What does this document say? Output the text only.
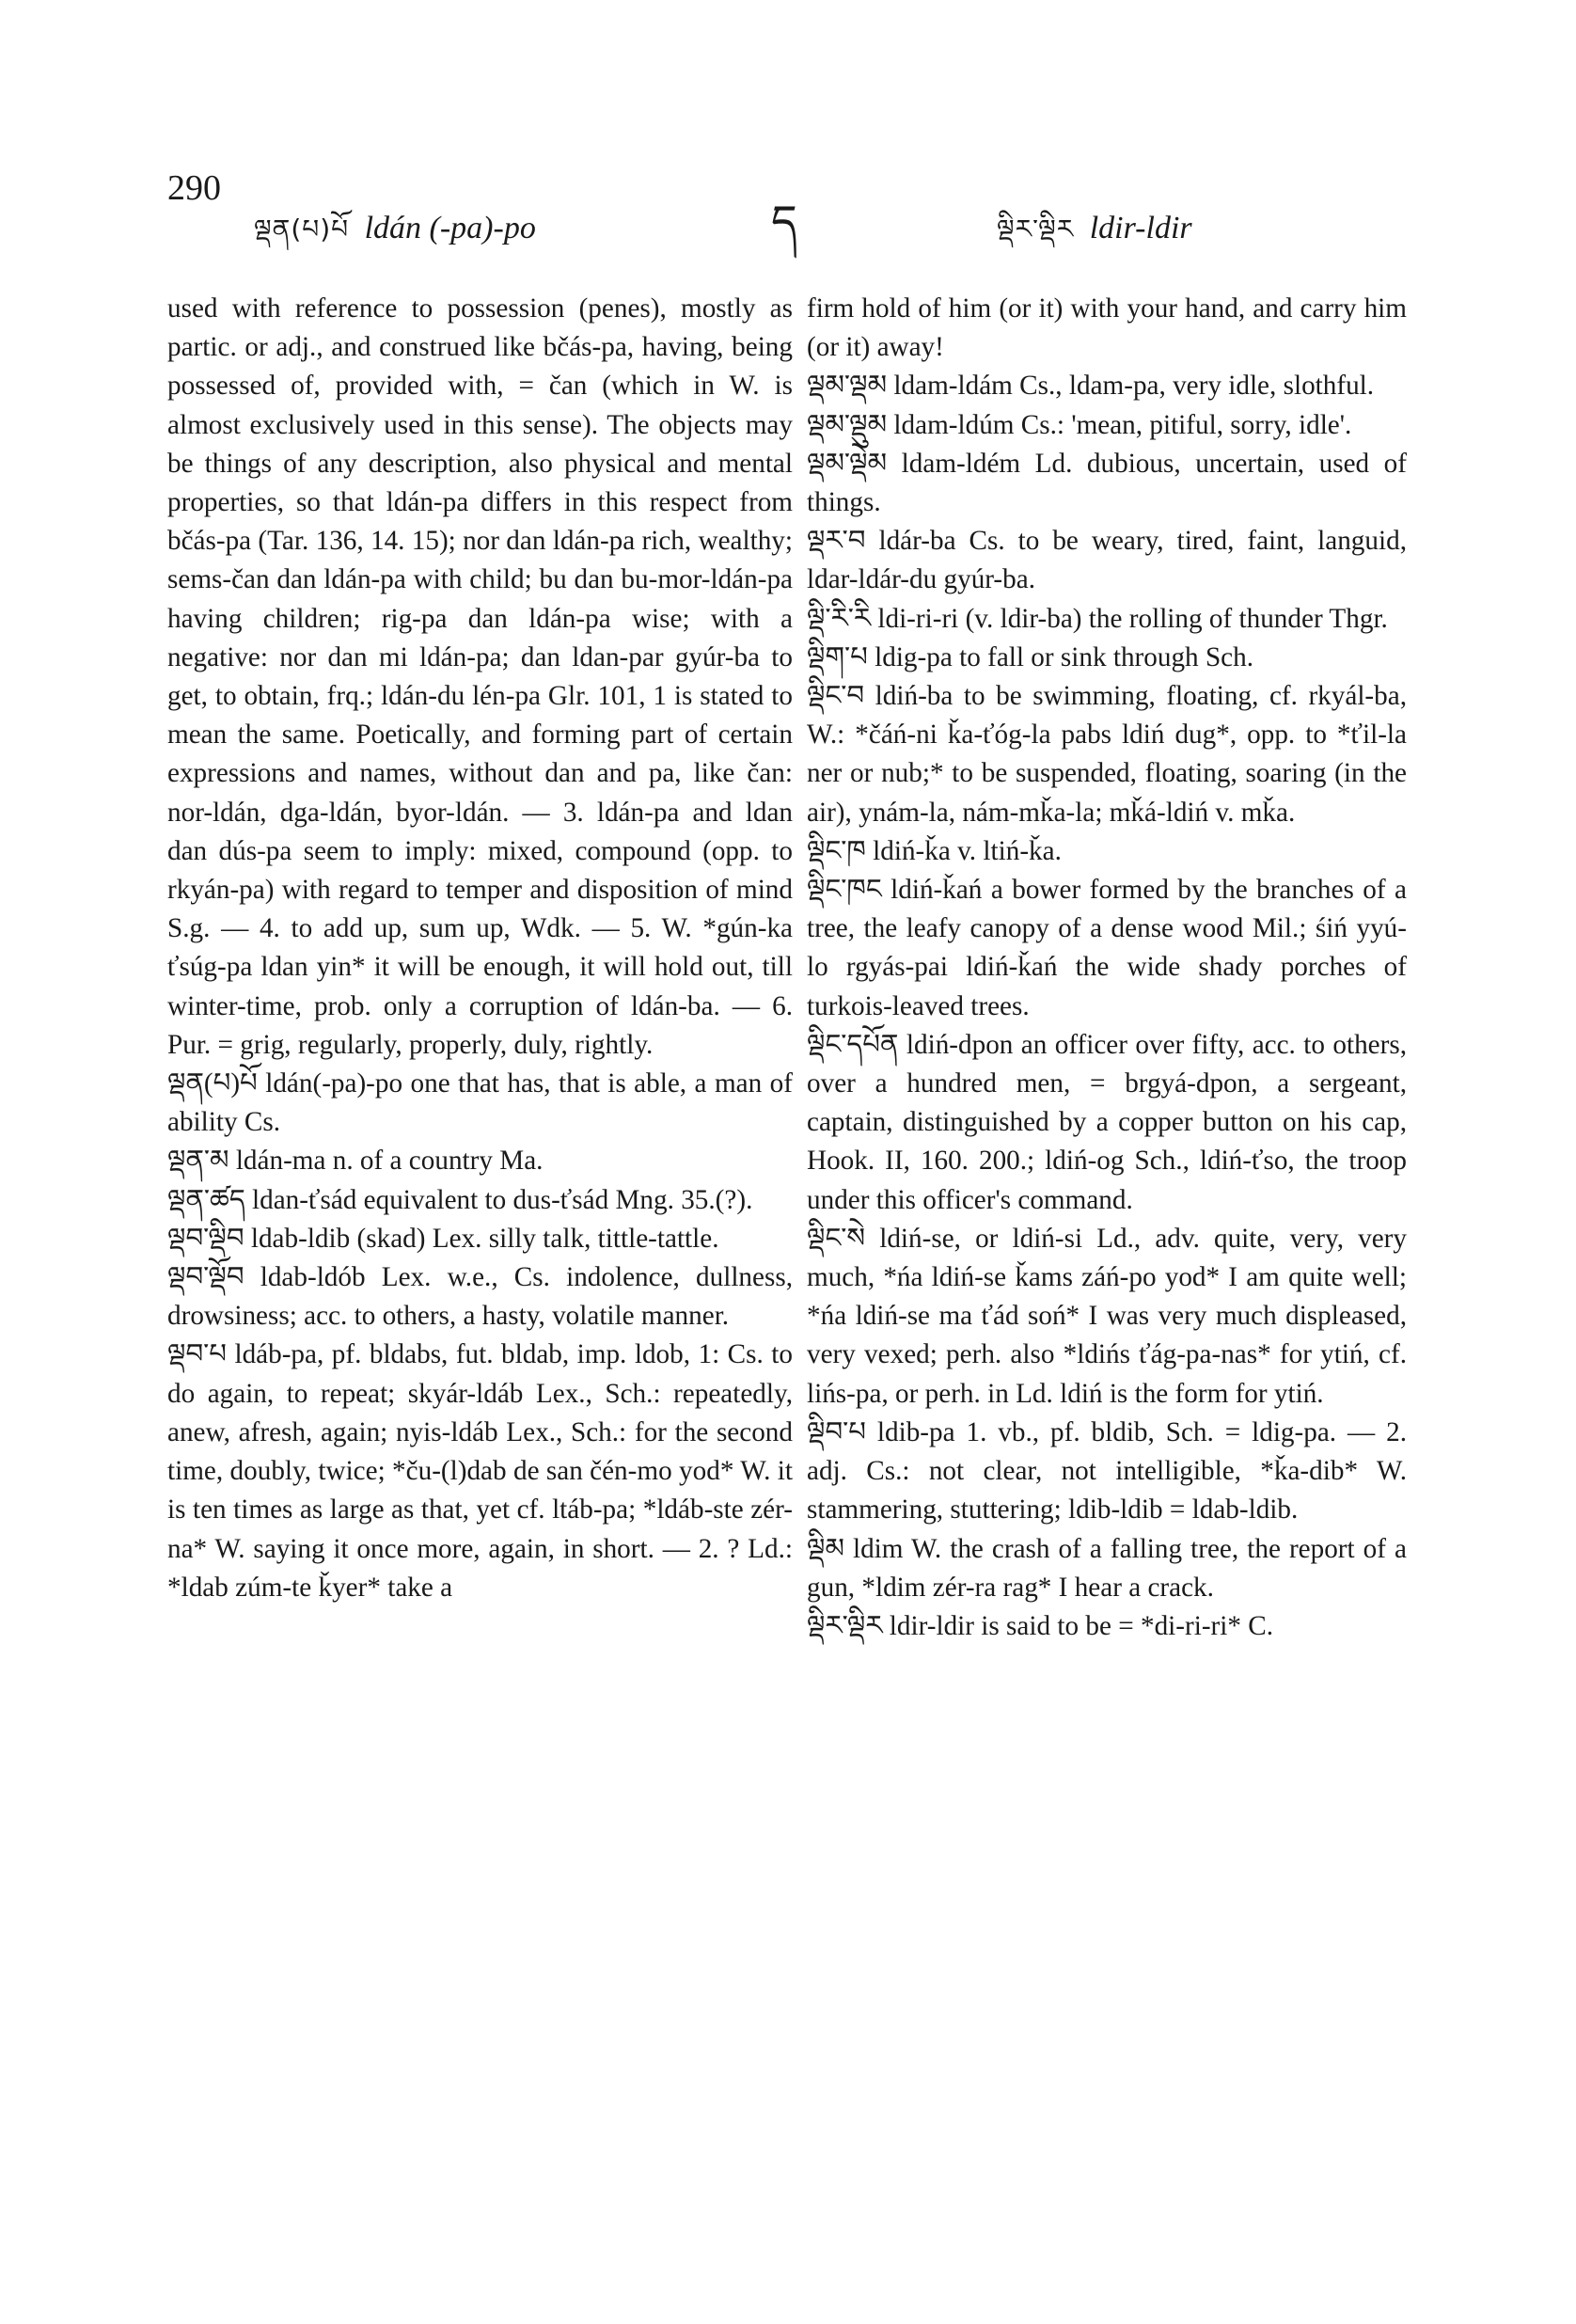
290
ལྡན(པ)པོ ldán (-pa)-po	ད	ལྡིར་ལྡིར ldir-ldir

used with reference to possession (penes), mostly as partic. or adj., and construed like bčás-pa, having, being possessed of, provided with, = čan (which in W. is almost exclusively used in this sense). The objects may be things of any description, also physical and mental properties, so that ldán-pa differs in this respect from bčás-pa (Tar. 136, 14. 15); nor dan ldán-pa rich, wealthy; sems-čan dan ldán-pa with child; bu dan bu-mor-ldán-pa having children; rig-pa dan ldán-pa wise; with a negative: nor dan mi ldán-pa; dan ldan-par gyúr-ba to get, to obtain, frq.; ldán-du lén-pa Glr. 101, 1 is stated to mean the same. Poetically, and forming part of certain expressions and names, without dan and pa, like čan: nor-ldán, dga-ldán, byor-ldán. — 3. ldán-pa and ldan dan dús-pa seem to imply: mixed, compound (opp. to rkyán-pa) with regard to temper and disposition of mind S.g. — 4. to add up, sum up, Wdk. — 5. W. *gún-ka ťsúg-pa ldan yin* it will be enough, it will hold out, till winter-time, prob. only a corruption of ldán-ba. — 6. Pur. = grig, regularly, properly, duly, rightly.

ལྡན(པ)པོ ldán(-pa)-po one that has, that is able, a man of ability Cs.

ལྡན་མ ldán-ma n. of a country Ma.

ལྡན་ཚད ldan-ťsád equivalent to dus-ťsád Mng. 35.(?).

ལྡབ་ལྡིབ ldab-ldib (skad) Lex. silly talk, tittle-tattle.

ལྡབ་ལྡོབ ldab-ldób Lex. w.e., Cs. indolence, dullness, drowsiness; acc. to others, a hasty, volatile manner.

ལྡབ་པ ldáb-pa, pf. bldabs, fut. bldab, imp. ldob, 1: Cs. to do again, to repeat; skyár-ldáb Lex., Sch.: repeatedly, anew, afresh, again; nyis-ldáb Lex., Sch.: for the second time, doubly, twice; *ču-(l)dab de san čén-mo yod* W. it is ten times as large as that, yet cf. ltáb-pa; *ldáb-ste zér-na* W. saying it once more, again, in short. — 2. ? Ld.: *ldab zúm-te ǩyer* take a

firm hold of him (or it) with your hand, and carry him (or it) away!

ལྡམ་ལྡམ ldam-ldám Cs., ldam-pa, very idle, slothful.

ལྡམ་ལྡུམ ldam-ldúm Cs.: 'mean, pitiful, sorry, idle'.

ལྡམ་ལྡེམ ldam-ldém Ld. dubious, uncertain, used of things.

ལྡར་བ ldár-ba Cs. to be weary, tired, faint, languid, ldar-ldár-du gyúr-ba.

ལྡི་རི་རི ldi-ri-ri (v. ldir-ba) the rolling of thunder Thgr.

ལྡིག་པ ldig-pa to fall or sink through Sch.

ལྡིང་བ ldiń-ba to be swimming, floating, cf. rkyál-ba, W.: *čáń-ni ǩa-ťóg-la pabs ldiń dug*, opp. to *ťil-la ner or nub;* to be suspended, floating, soaring (in the air), ynám-la, nám-mǩa-la; mǩá-ldiń v. mǩa.

ལྡིང་ཁ ldiń-ǩa v. ltiń-ǩa.

ལྡིང་ཁང ldiń-ǩań a bower formed by the branches of a tree, the leafy canopy of a dense wood Mil.; śiń yyú-lo rgyás-pai ldiń-ǩań the wide shady porches of turkois-leaved trees.

ལྡིང་དཔོན ldiń-dpon an officer over fifty, acc. to others, over a hundred men, = brgyá-dpon, a sergeant, captain, distinguished by a copper button on his cap, Hook. II, 160. 200.; ldiń-og Sch., ldiń-ťso, the troop under this officer's command.

ལྡིང་སེ ldiń-se, or ldiń-si Ld., adv. quite, very, very much, *ńa ldiń-se ǩams záń-po yod* I am quite well; *ńa ldiń-se ma ťád soń* I was very much displeased, very vexed; perh. also *ldińs ťág-pa-nas* for ytiń, cf. lińs-pa, or perh. in Ld. ldiń is the form for ytiń.

ལྡིབ་པ ldib-pa 1. vb., pf. bldib, Sch. = ldig-pa. — 2. adj. Cs.: not clear, not intelligible, *ǩa-dib* W. stammering, stuttering; ldib-ldib = ldab-ldib.

ལྡིམ ldim W. the crash of a falling tree, the report of a gun, *ldim zér-ra rag* I hear a crack.

ལྡིར་ལྡིར ldir-ldir is said to be = *di-ri-ri* C.
